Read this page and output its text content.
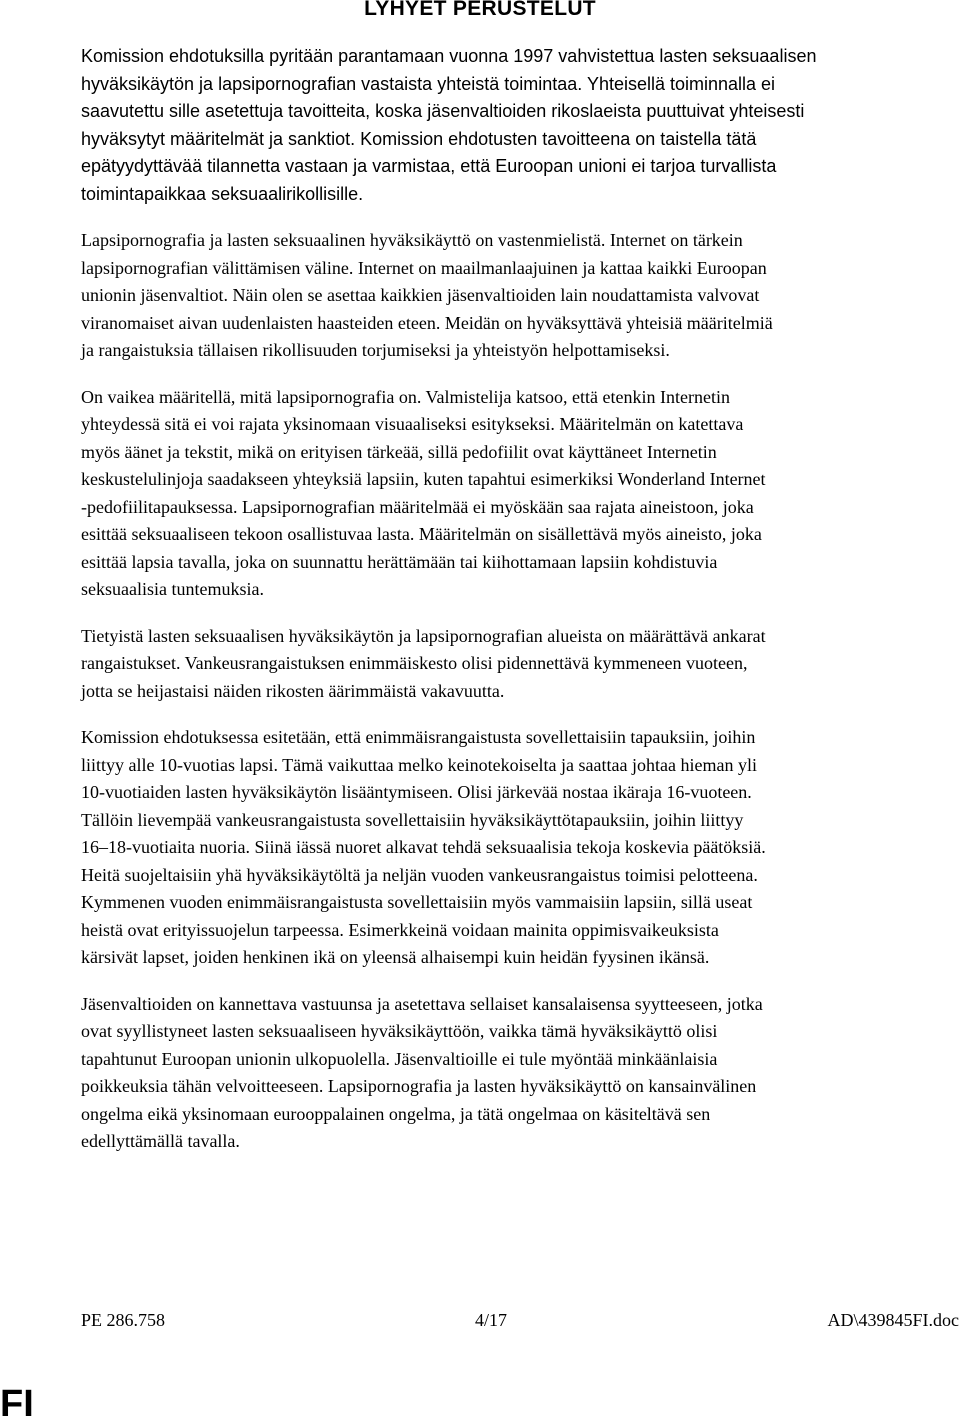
LYHYET PERUSTELUT

Komission ehdotuksilla pyritään parantamaan vuonna 1997 vahvistettua lasten seksuaalisen
hyväksikäytön ja lapsipornografian vastaista yhteistä toimintaa. Yhteisellä toiminnalla ei
saavutettu sille asetettuja tavoitteita, koska jäsenvaltioiden rikoslaeista puuttuivat yhteisesti
hyväksytyt määritelmät ja sanktiot. Komission ehdotusten tavoitteena on taistella tätä
epätyydyttävää tilannetta vastaan ja varmistaa, että Euroopan unioni ei tarjoa turvallista
toimintapaikkaa seksuaalirikollisille.

Lapsipornografia ja lasten seksuaalinen hyväksikäyttö on vastenmielistä. Internet on tärkein
lapsipornografian välittämisen väline. Internet on maailmanlaajuinen ja kattaa kaikki Euroopan
unionin jäsenvaltiot. Näin olen se asettaa kaikkien jäsenvaltioiden lain noudattamista valvovat
viranomaiset aivan uudenlaisten haasteiden eteen. Meidän on hyväksyttävä yhteisiä määritelmiä
ja rangaistuksia tällaisen rikollisuuden torjumiseksi ja yhteistyön helpottamiseksi.

On vaikea määritellä, mitä lapsipornografia on. Valmistelija katsoo, että etenkin Internetin
yhteydessä sitä ei voi rajata yksinomaan visuaaliseksi esitykseksi. Määritelmän on katettava
myös äänet ja tekstit, mikä on erityisen tärkeää, sillä pedofiilit ovat käyttäneet Internetin
keskustelulinjoja saadakseen yhteyksiä lapsiin, kuten tapahtui esimerkiksi Wonderland Internet
-pedofiilitapauksessa. Lapsipornografian määritelmää ei myöskään saa rajata aineistoon, joka
esittää seksuaaliseen tekoon osallistuvaa lasta. Määritelmän on sisällettävä myös aineisto, joka
esittää lapsia tavalla, joka on suunnattu herättämään tai kiihottamaan lapsiin kohdistuvia
seksuaalisia tuntemuksia.

Tietyistä lasten seksuaalisen hyväksikäytön ja lapsipornografian alueista on määrättävä ankarat
rangaistukset. Vankeusrangaistuksen enimmäiskesto olisi pidennettävä kymmeneen vuoteen,
jotta se heijastaisi näiden rikosten äärimmäistä vakavuutta.

Komission ehdotuksessa esitetään, että enimmäisrangaistusta sovellettaisiin tapauksiin, joihin
liittyy alle 10-vuotias lapsi. Tämä vaikuttaa melko keinotekoiselta ja saattaa johtaa hieman yli
10-vuotiaiden lasten hyväksikäytön lisääntymiseen. Olisi järkevää nostaa ikäraja 16-vuoteen.
Tällöin lievempää vankeusrangaistusta sovellettaisiin hyväksikäyttötapauksiin, joihin liittyy
16–18-vuotiaita nuoria. Siinä iässä nuoret alkavat tehdä seksuaalisia tekoja koskevia päätöksiä.
Heitä suojeltaisiin yhä hyväksikäytöltä ja neljän vuoden vankeusrangaistus toimisi pelotteena.
Kymmenen vuoden enimmäisrangaistusta sovellettaisiin myös vammaisiin lapsiin, sillä useat
heistä ovat erityissuojelun tarpeessa. Esimerkkeinä voidaan mainita oppimisvaikeuksista
kärsivät lapset, joiden henkinen ikä on yleensä alhaisempi kuin heidän fyysinen ikänsä.

Jäsenvaltioiden on kannettava vastuunsa ja asetettava sellaiset kansalaisensa syytteeseen, jotka
ovat syyllistyneet lasten seksuaaliseen hyväksikäyttöön, vaikka tämä hyväksikäyttö olisi
tapahtunut Euroopan unionin ulkopuolella. Jäsenvaltioille ei tule myöntää minkäänlaisia
poikkeuksia tähän velvoitteeseen. Lapsipornografia ja lasten hyväksikäyttö on kansainvälinen
ongelma eikä yksinomaan eurooppalainen ongelma, ja tätä ongelmaa on käsiteltävä sen
edellyttämällä tavalla.

PE 286.758	4/17	AD\439845FI.doc
FI
